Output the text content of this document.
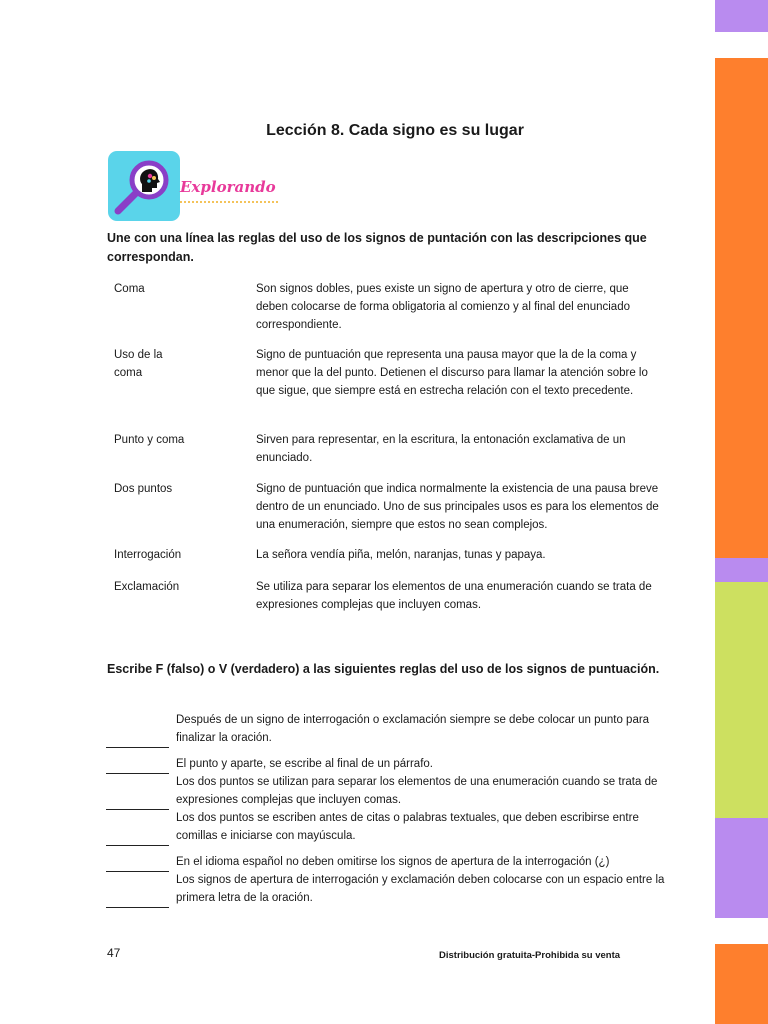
Lección 8. Cada signo es su lugar
Explorando
Une con una línea las reglas del uso de los signos de puntación con las descripciones que correspondan.
Coma
Uso de la coma
Punto y coma
Dos puntos
Interrogación
Exclamación
Son signos dobles, pues existe un signo de apertura y otro de cierre, que deben colocarse de forma obligatoria al comienzo y al final del enunciado correspondiente.
Signo de puntuación que representa una pausa mayor que la de la coma y menor que la del punto. Detienen el discurso para llamar la atención sobre lo que sigue, que siempre está en estrecha relación con el texto precedente.
Sirven para representar, en la escritura, la entonación exclamativa de un enunciado.
Signo de puntuación que indica normalmente la existencia de una pausa breve dentro de un enunciado. Uno de sus principales usos es para los elementos de una enumeración, siempre que estos no sean complejos.
La señora vendía piña, melón, naranjas, tunas y papaya.
Se utiliza para separar los elementos de una enumeración cuando se trata de expresiones complejas que incluyen comas.
Escribe F (falso) o V (verdadero) a las siguientes reglas del uso de los signos de puntuación.
Después de un signo de interrogación o exclamación siempre se debe colocar un punto para finalizar la oración.
El punto y aparte, se escribe al final de un párrafo.
Los dos puntos se utilizan para separar los elementos de una enumeración cuando se trata de expresiones complejas que incluyen comas.
Los dos puntos se escriben antes de citas o palabras textuales, que deben escribirse entre comillas e iniciarse con mayúscula.
En el idioma español no deben omitirse los signos de apertura de la interrogación (¿)
Los signos de apertura de interrogación y exclamación deben colocarse con un espacio entre la primera letra de la oración.
47	Distribución gratuita-Prohibida su venta
